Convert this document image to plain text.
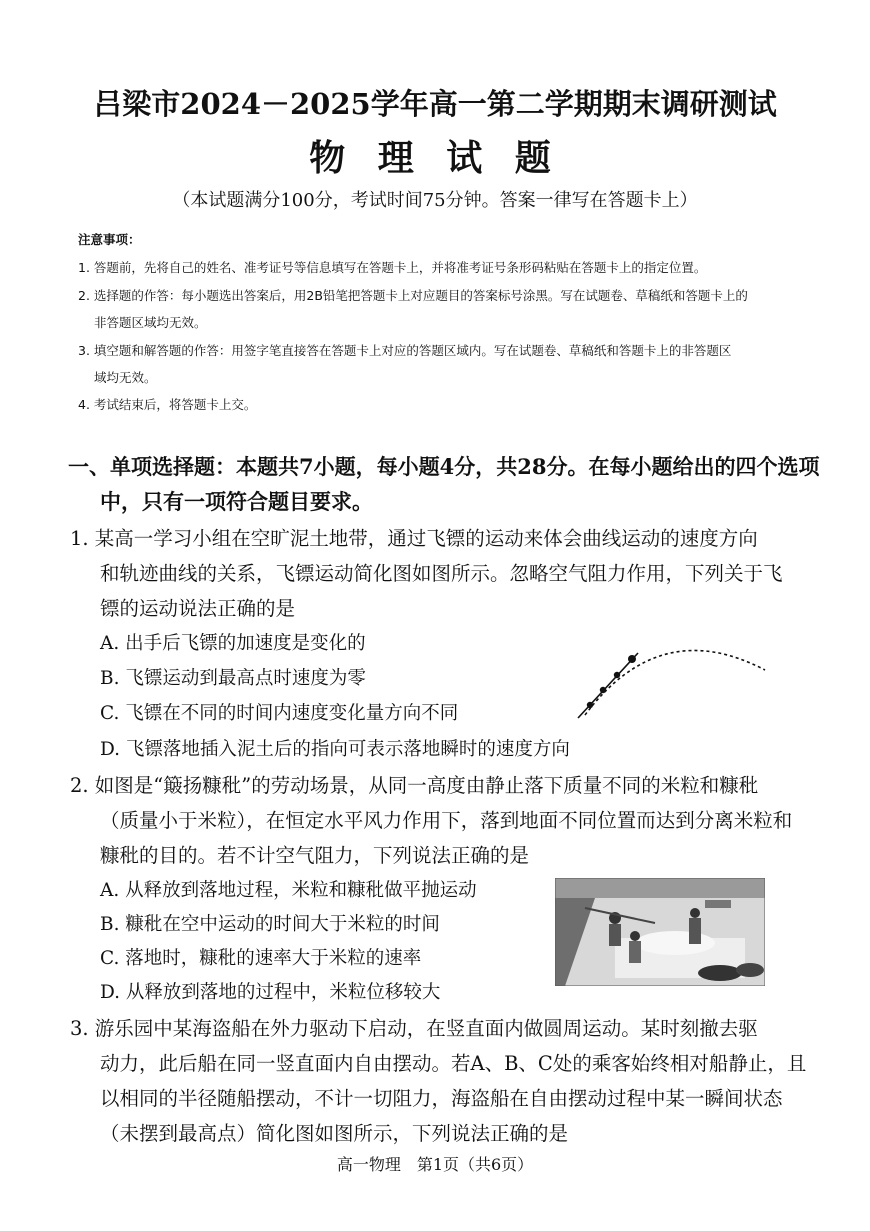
吕梁市2024－2025学年高一第二学期期末调研测试
物 理 试 题
（本试题满分100分，考试时间75分钟。答案一律写在答题卡上）
注意事项：
1. 答题前，先将自己的姓名、准考证号等信息填写在答题卡上，并将准考证号条形码粘贴在答题卡上的指定位置。
2. 选择题的作答：每小题选出答案后，用2B铅笔把答题卡上对应题目的答案标号涂黑。写在试题卷、草稿纸和答题卡上的
非答题区域均无效。
3. 填空题和解答题的作答：用签字笔直接答在答题卡上对应的答题区域内。写在试题卷、草稿纸和答题卡上的非答题区
域均无效。
4. 考试结束后，将答题卡上交。
一、单项选择题：本题共7小题，每小题4分，共28分。在每小题给出的四个选项
中，只有一项符合题目要求。
1. 某高一学习小组在空旷泥土地带，通过飞镖的运动来体会曲线运动的速度方向
和轨迹曲线的关系，飞镖运动简化图如图所示。忽略空气阻力作用，下列关于飞
镖的运动说法正确的是
A. 出手后飞镖的加速度是变化的
B. 飞镖运动到最高点时速度为零
C. 飞镖在不同的时间内速度变化量方向不同
D. 飞镖落地插入泥土后的指向可表示落地瞬时的速度方向
2. 如图是“簸扬糠秕”的劳动场景，从同一高度由静止落下质量不同的米粒和糠秕
（质量小于米粒），在恒定水平风力作用下，落到地面不同位置而达到分离米粒和
糠秕的目的。若不计空气阻力，下列说法正确的是
A. 从释放到落地过程，米粒和糠秕做平抛运动
B. 糠秕在空中运动的时间大于米粒的时间
C. 落地时，糠秕的速率大于米粒的速率
D. 从释放到落地的过程中，米粒位移较大
3. 游乐园中某海盗船在外力驱动下启动，在竖直面内做圆周运动。某时刻撤去驱
动力，此后船在同一竖直面内自由摆动。若A、B、C处的乘客始终相对船静止，且
以相同的半径随船摆动，不计一切阻力，海盗船在自由摆动过程中某一瞬间状态
（未摆到最高点）简化图如图所示，下列说法正确的是
高一物理　第1页（共6页）
